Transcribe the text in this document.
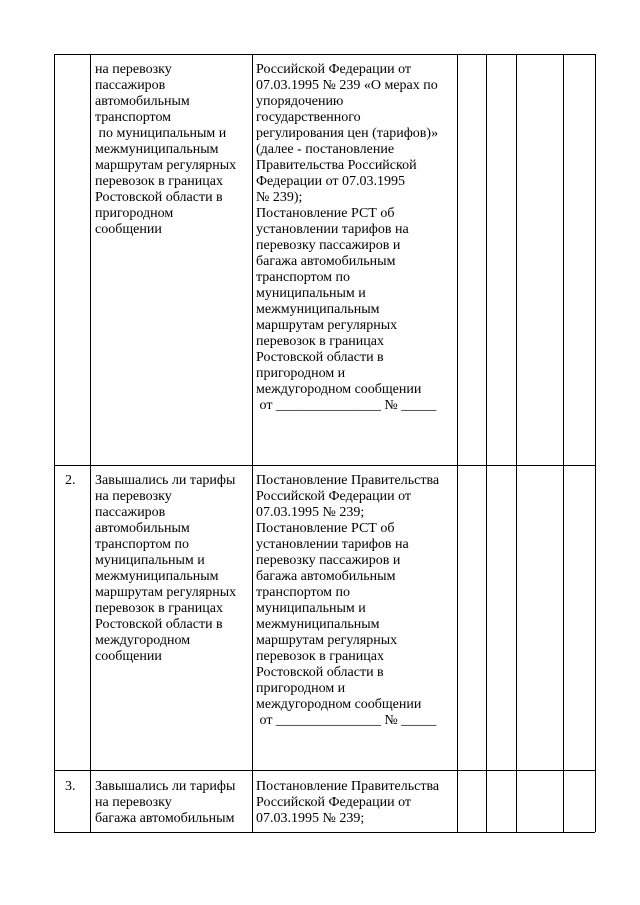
на перевозку
пассажиров
автомобильным
транспортом
по муниципальным и
межмуниципальным
маршрутам регулярных
перевозок в границах
Ростовской области в
пригородном
сообщении
Российской Федерации от
07.03.1995 № 239 «О мерах по
упорядочению
государственного
регулирования цен (тарифов)»
(далее - постановление
Правительства Российской
Федерации от 07.03.1995
№ 239);
Постановление РСТ об
установлении тарифов на
перевозку пассажиров и
багажа автомобильным
транспортом по
муниципальным и
межмуниципальным
маршрутам регулярных
перевозок в границах
Ростовской области в
пригородном и
междугородном сообщении
от _______________ № _____
2. Завышались ли тарифы
на перевозку
пассажиров
автомобильным
транспортом по
муниципальным и
межмуниципальным
маршрутам регулярных
перевозок в границах
Ростовской области в
междугородном
сообщении
Постановление Правительства
Российской Федерации от
07.03.1995 № 239;
Постановление РСТ об
установлении тарифов на
перевозку пассажиров и
багажа автомобильным
транспортом по
муниципальным и
межмуниципальным
маршрутам регулярных
перевозок в границах
Ростовской области в
пригородном и
междугородном сообщении
от _______________ № _____
3. Завышались ли тарифы
на перевозку
багажа автомобильным
Постановление Правительства
Российской Федерации от
07.03.1995 № 239;
